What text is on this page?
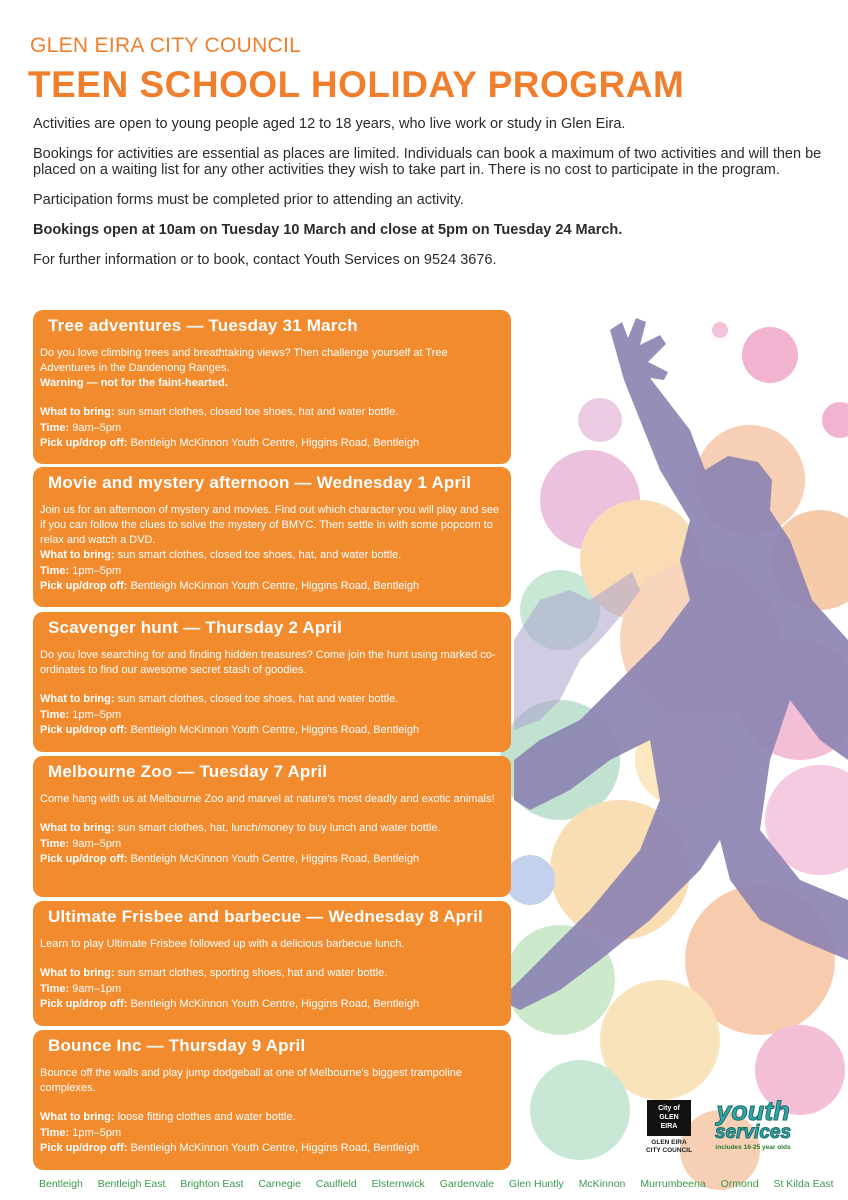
GLEN EIRA CITY COUNCIL
TEEN SCHOOL HOLIDAY PROGRAM

Activities are open to young people aged 12 to 18 years, who live work or study in Glen Eira.

Bookings for activities are essential as places are limited. Individuals can book a maximum of two activities and will then be placed on a waiting list for any other activities they wish to take part in. There is no cost to participate in the program.

Participation forms must be completed prior to attending an activity.

Bookings open at 10am on Tuesday 10 March and close at 5pm on Tuesday 24 March.

For further information or to book, contact Youth Services on 9524 3676.

Tree adventures — Tuesday 31 March

Do you love climbing trees and breathtaking views? Then challenge yourself at Tree Adventures in the Dandenong Ranges.

Warning — not for the faint-hearted.

What to bring: sun smart clothes, closed toe shoes, hat and water bottle.

Time: 9am–5pm

Pick up/drop off: Bentleigh McKinnon Youth Centre, Higgins Road, Bentleigh

Movie and mystery afternoon — Wednesday 1 April

Join us for an afternoon of mystery and movies. Find out which character you will play and see if you can follow the clues to solve the mystery of BMYC. Then settle in with some popcorn to relax and watch a DVD.

What to bring: sun smart clothes, closed toe shoes, hat, and water bottle.

Time: 1pm–5pm

Pick up/drop off: Bentleigh McKinnon Youth Centre, Higgins Road, Bentleigh

Scavenger hunt — Thursday 2 April

Do you love searching for and finding hidden treasures? Come join the hunt using marked co-ordinates to find our awesome secret stash of goodies.

What to bring: sun smart clothes, closed toe shoes, hat and water bottle.

Time: 1pm–5pm

Pick up/drop off: Bentleigh McKinnon Youth Centre, Higgins Road, Bentleigh

Melbourne Zoo — Tuesday 7 April

Come hang with us at Melbourne Zoo and marvel at nature's most deadly and exotic animals!

What to bring: sun smart clothes, hat, lunch/money to buy lunch and water bottle.

Time: 9am–5pm

Pick up/drop off: Bentleigh McKinnon Youth Centre, Higgins Road, Bentleigh

Ultimate Frisbee and barbecue — Wednesday 8 April

Learn to play Ultimate Frisbee followed up with a delicious barbecue lunch.

What to bring: sun smart clothes, sporting shoes, hat and water bottle.

Time: 9am–1pm

Pick up/drop off: Bentleigh McKinnon Youth Centre, Higgins Road, Bentleigh

Bounce Inc — Thursday 9 April

Bounce off the walls and play jump dodgeball at one of Melbourne's biggest trampoline complexes.

What to bring: loose fitting clothes and water bottle.

Time: 1pm–5pm

Pick up/drop off: Bentleigh McKinnon Youth Centre, Higgins Road, Bentleigh

City of
GLEN
EIRA
GLEN EIRA
CITY COUNCIL
youth
services
includes 16-25 year olds
Bentleigh Bentleigh East Brighton East Carnegie Caulfield Elsternwick Gardenvale Glen Huntly McKinnon Murrumbeena Ormond St Kilda East
